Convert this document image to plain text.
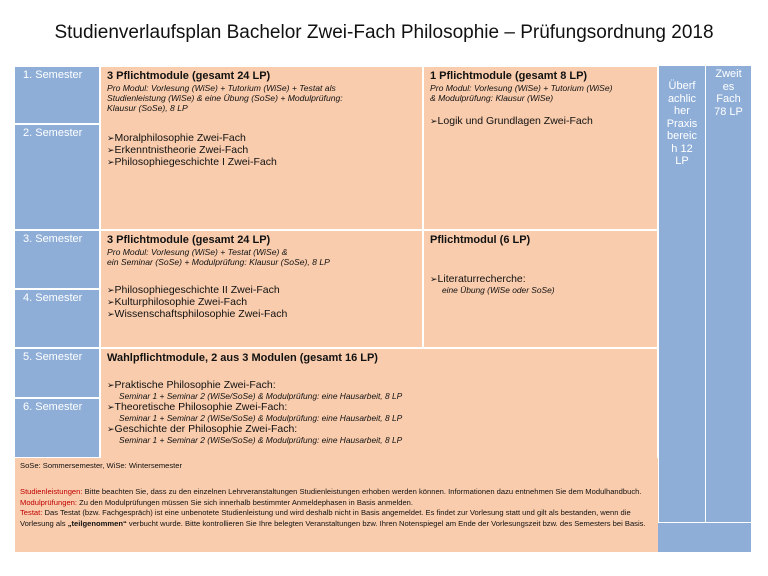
Studienverlaufsplan Bachelor Zwei-Fach Philosophie – Prüfungsordnung 2018
1. Semester
2. Semester
3. Semester
4. Semester
5. Semester
6. Semester
3 Pflichtmodule (gesamt 24 LP)
Pro Modul: Vorlesung (WiSe) + Tutorium (WiSe) + Testat als
Studienleistung (WiSe) & eine Übung (SoSe) + Modulprüfung:
Klausur (SoSe), 8 LP
➢Moralphilosophie Zwei-Fach
➢Erkenntnistheorie Zwei-Fach
➢Philosophiegeschichte I Zwei-Fach
1 Pflichtmodule (gesamt 8 LP)
Pro Modul: Vorlesung (WiSe) + Tutorium (WiSe)
& Modulprüfung: Klausur (WiSe)
➢Logik und Grundlagen Zwei-Fach
3 Pflichtmodule (gesamt 24 LP)
Pro Modul: Vorlesung (WiSe) + Testat (WiSe) &
ein Seminar (SoSe) + Modulprüfung: Klausur (SoSe), 8 LP
➢Philosophiegeschichte II Zwei-Fach
➢Kulturphilosophie Zwei-Fach
➢Wissenschaftsphilosophie Zwei-Fach
Pflichtmodul (6 LP)
➢Literaturrecherche:
eine Übung (WiSe oder SoSe)
Wahlpflichtmodule, 2 aus 3 Modulen (gesamt 16 LP)
➢Praktische Philosophie Zwei-Fach:
Seminar 1 + Seminar 2 (WiSe/SoSe) & Modulprüfung: eine Hausarbeit, 8 LP
➢Theoretische Philosophie Zwei-Fach:
Seminar 1 + Seminar 2 (WiSe/SoSe) & Modulprüfung: eine Hausarbeit, 8 LP
➢Geschichte der Philosophie Zwei-Fach:
Seminar 1 + Seminar 2 (WiSe/SoSe) & Modulprüfung: eine Hausarbeit, 8 LP
Überf
achlic
her
Praxis
bereic
h 12
LP
Zweit
es
Fach
78 LP
SoSe: Sommersemester, WiSe: Wintersemester
Studienleistungen: Bitte beachten Sie, dass zu den einzelnen Lehrveranstaltungen Studienleistungen erhoben werden können. Informationen dazu entnehmen Sie dem Modulhandbuch.
Modulprüfungen: Zu den Modulprüfungen müssen Sie sich innerhalb bestimmter Anmeldephasen in Basis anmelden.
Testat: Das Testat (bzw. Fachgespräch) ist eine unbenotete Studienleistung und wird deshalb nicht in Basis angemeldet. Es findet zur Vorlesung statt und gilt als bestanden, wenn die
Vorlesung als „teilgenommen“ verbucht wurde. Bitte kontrollieren Sie Ihre belegten Veranstaltungen bzw. Ihren Notenspiegel am Ende der Vorlesungszeit bzw. des Semesters bei Basis.
